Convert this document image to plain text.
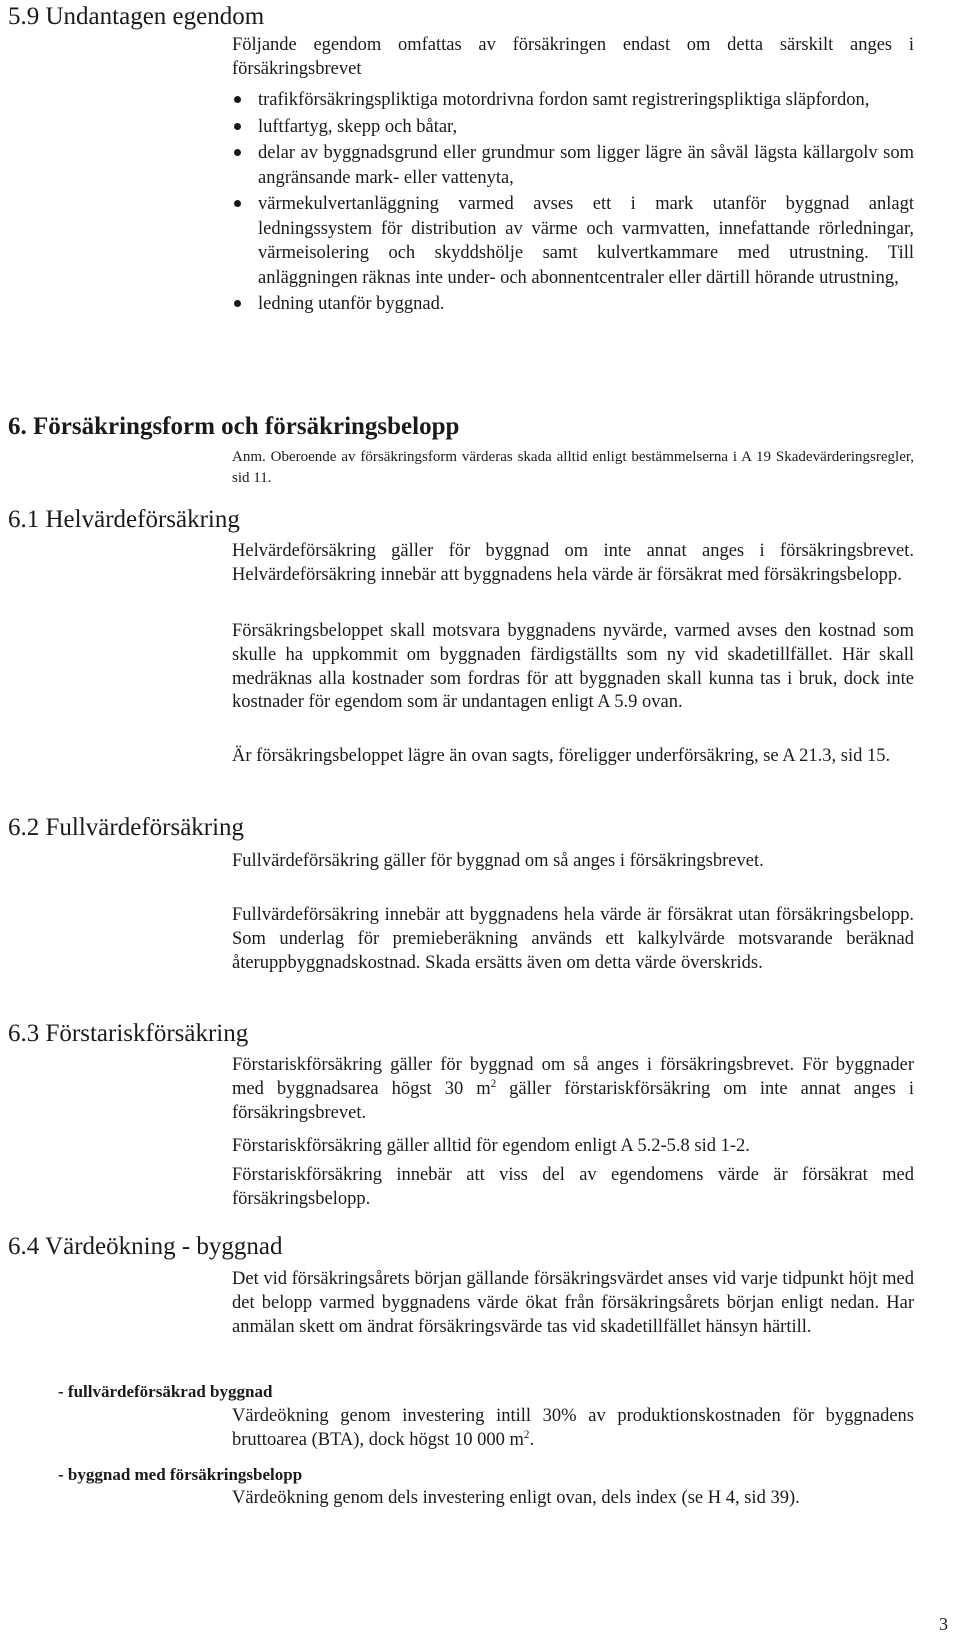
5.9 Undantagen egendom

Följande egendom omfattas av försäkringen endast om detta särskilt anges i försäkringsbrevet

trafikförsäkringspliktiga motordrivna fordon samt registreringspliktiga släpfordon,
luftfartyg, skepp och båtar,
delar av byggnadsgrund eller grundmur som ligger lägre än såväl lägsta källargolv som angränsande mark- eller vattenyta,
värmekulvertanläggning varmed avses ett i mark utanför byggnad anlagt ledningssystem för distribution av värme och varmvatten, innefattande rörledningar, värmeisolering och skyddshölje samt kulvertkammare med utrustning. Till anläggningen räknas inte under- och abonnentcentraler eller därtill hörande utrustning,
ledning utanför byggnad.
6. Försäkringsform och försäkringsbelopp

Anm. Oberoende av försäkringsform värderas skada alltid enligt bestämmelserna i A 19 Skadevärderingsregler, sid 11.

6.1 Helvärdeförsäkring

Helvärdeförsäkring gäller för byggnad om inte annat anges i försäkringsbrevet. Helvärdeförsäkring innebär att byggnadens hela värde är försäkrat med försäkringsbelopp.

Försäkringsbeloppet skall motsvara byggnadens nyvärde, varmed avses den kostnad som skulle ha uppkommit om byggnaden färdigställts som ny vid skadetillfället. Här skall medräknas alla kostnader som fordras för att byggnaden skall kunna tas i bruk, dock inte kostnader för egendom som är undantagen enligt A 5.9 ovan.

Är försäkringsbeloppet lägre än ovan sagts, föreligger underförsäkring, se A 21.3, sid 15.

6.2 Fullvärdeförsäkring

Fullvärdeförsäkring gäller för byggnad om så anges i försäkringsbrevet.

Fullvärdeförsäkring innebär att byggnadens hela värde är försäkrat utan försäkringsbelopp. Som underlag för premieberäkning används ett kalkylvärde motsvarande beräknad återuppbyggnadskostnad. Skada ersätts även om detta värde överskrids.

6.3 Förstariskförsäkring

Förstariskförsäkring gäller för byggnad om så anges i försäkringsbrevet. För byggnader med byggnadsarea högst 30 $m^2$ gäller förstariskförsäkring om inte annat anges i försäkringsbrevet.

Förstariskförsäkring gäller alltid för egendom enligt A 5.2-5.8 sid 1-2.

Förstariskförsäkring innebär att viss del av egendomens värde är försäkrat med försäkringsbelopp.

6.4 Värdeökning - byggnad

Det vid försäkringsårets början gällande försäkringsvärdet anses vid varje tidpunkt höjt med det belopp varmed byggnadens värde ökat från försäkringsårets början enligt nedan. Har anmälan skett om ändrat försäkringsvärde tas vid skadetillfället hänsyn härtill.

- fullvärdeförsäkrad byggnad

Värdeökning genom investering intill 30% av produktionskostnaden för byggnadens bruttoarea (BTA), dock högst 10 000 $m^2$.

- byggnad med försäkringsbelopp

Värdeökning genom dels investering enligt ovan, dels index (se H 4, sid 39).

3
